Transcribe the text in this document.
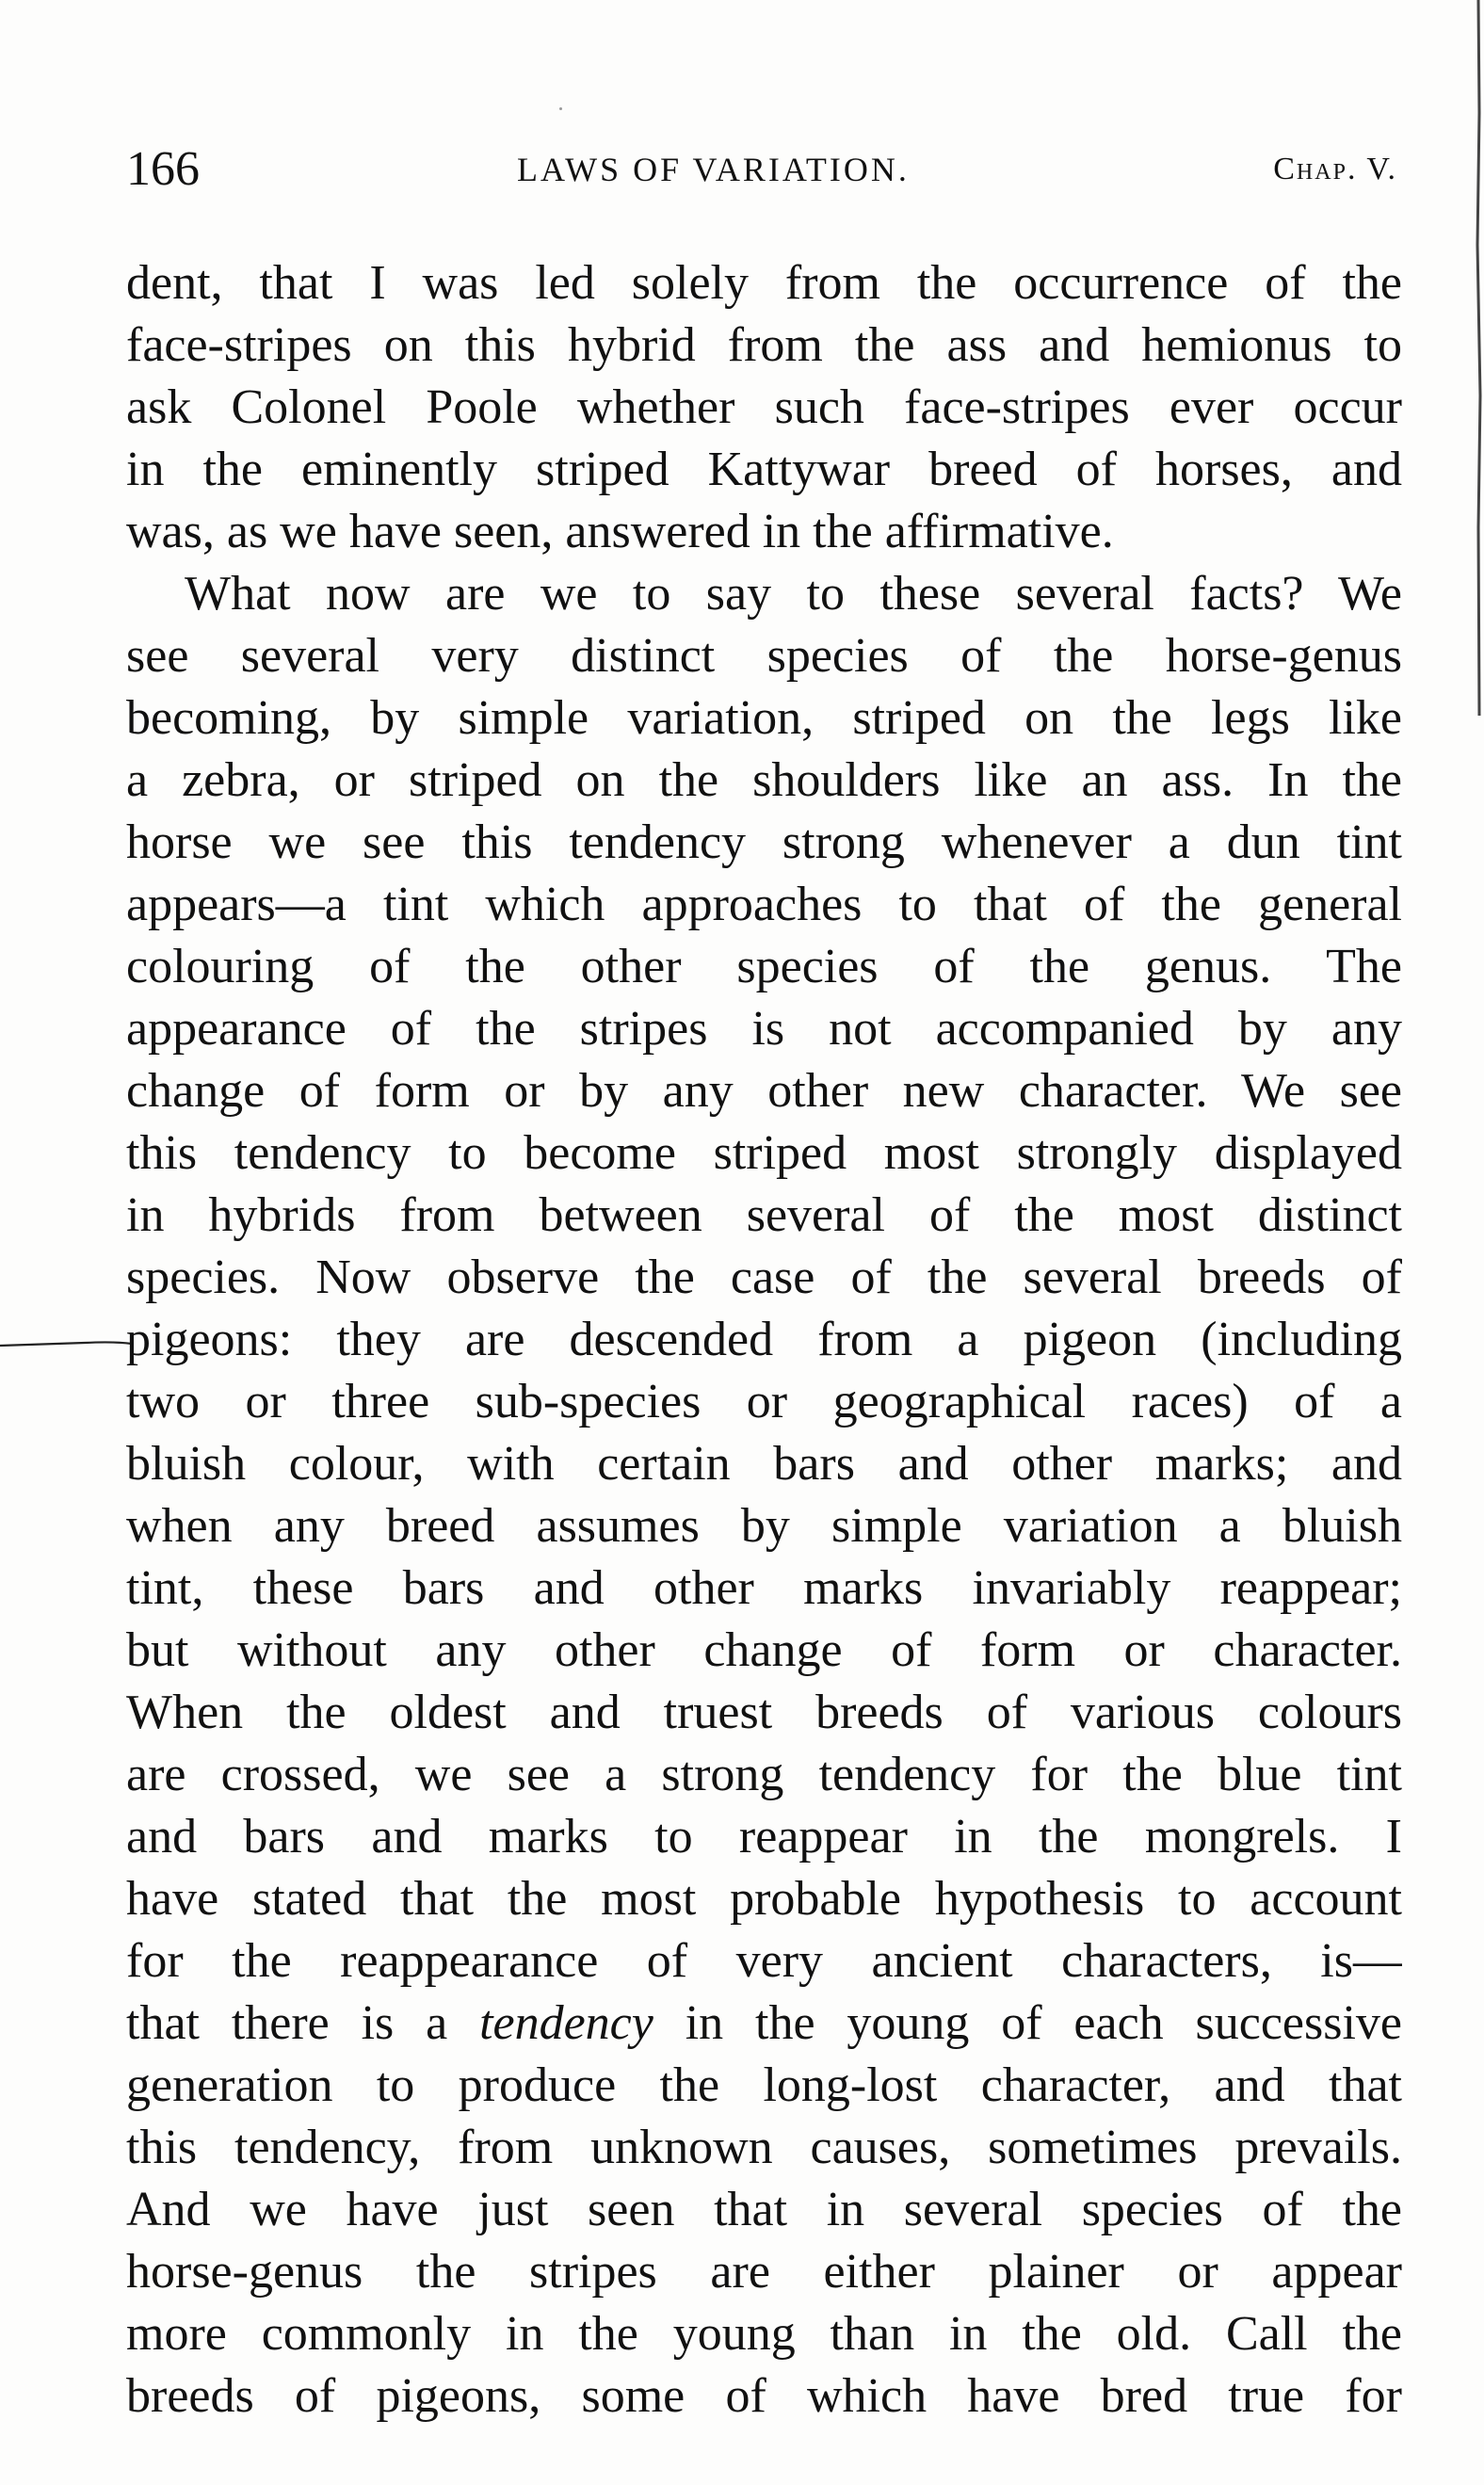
166	LAWS OF VARIATION.	Chap. V.
dent, that I was led solely from the occurrence of the
face-stripes on this hybrid from the ass and hemionus to
ask Colonel Poole whether such face-stripes ever occur
in the eminently striped Kattywar breed of horses, and
was, as we have seen, answered in the affirmative.
What now are we to say to these several facts? We
see several very distinct species of the horse-genus
becoming, by simple variation, striped on the legs like
a zebra, or striped on the shoulders like an ass. In the
horse we see this tendency strong whenever a dun tint
appears—a tint which approaches to that of the general
colouring of the other species of the genus. The
appearance of the stripes is not accompanied by any
change of form or by any other new character. We see
this tendency to become striped most strongly displayed
in hybrids from between several of the most distinct
species. Now observe the case of the several breeds of
pigeons: they are descended from a pigeon (including
two or three sub-species or geographical races) of a
bluish colour, with certain bars and other marks; and
when any breed assumes by simple variation a bluish
tint, these bars and other marks invariably reappear;
but without any other change of form or character.
When the oldest and truest breeds of various colours
are crossed, we see a strong tendency for the blue tint
and bars and marks to reappear in the mongrels. I
have stated that the most probable hypothesis to account
for the reappearance of very ancient characters, is—
that there is a tendency in the young of each successive
generation to produce the long-lost character, and that
this tendency, from unknown causes, sometimes prevails.
And we have just seen that in several species of the
horse-genus the stripes are either plainer or appear
more commonly in the young than in the old. Call the
breeds of pigeons, some of which have bred true for
